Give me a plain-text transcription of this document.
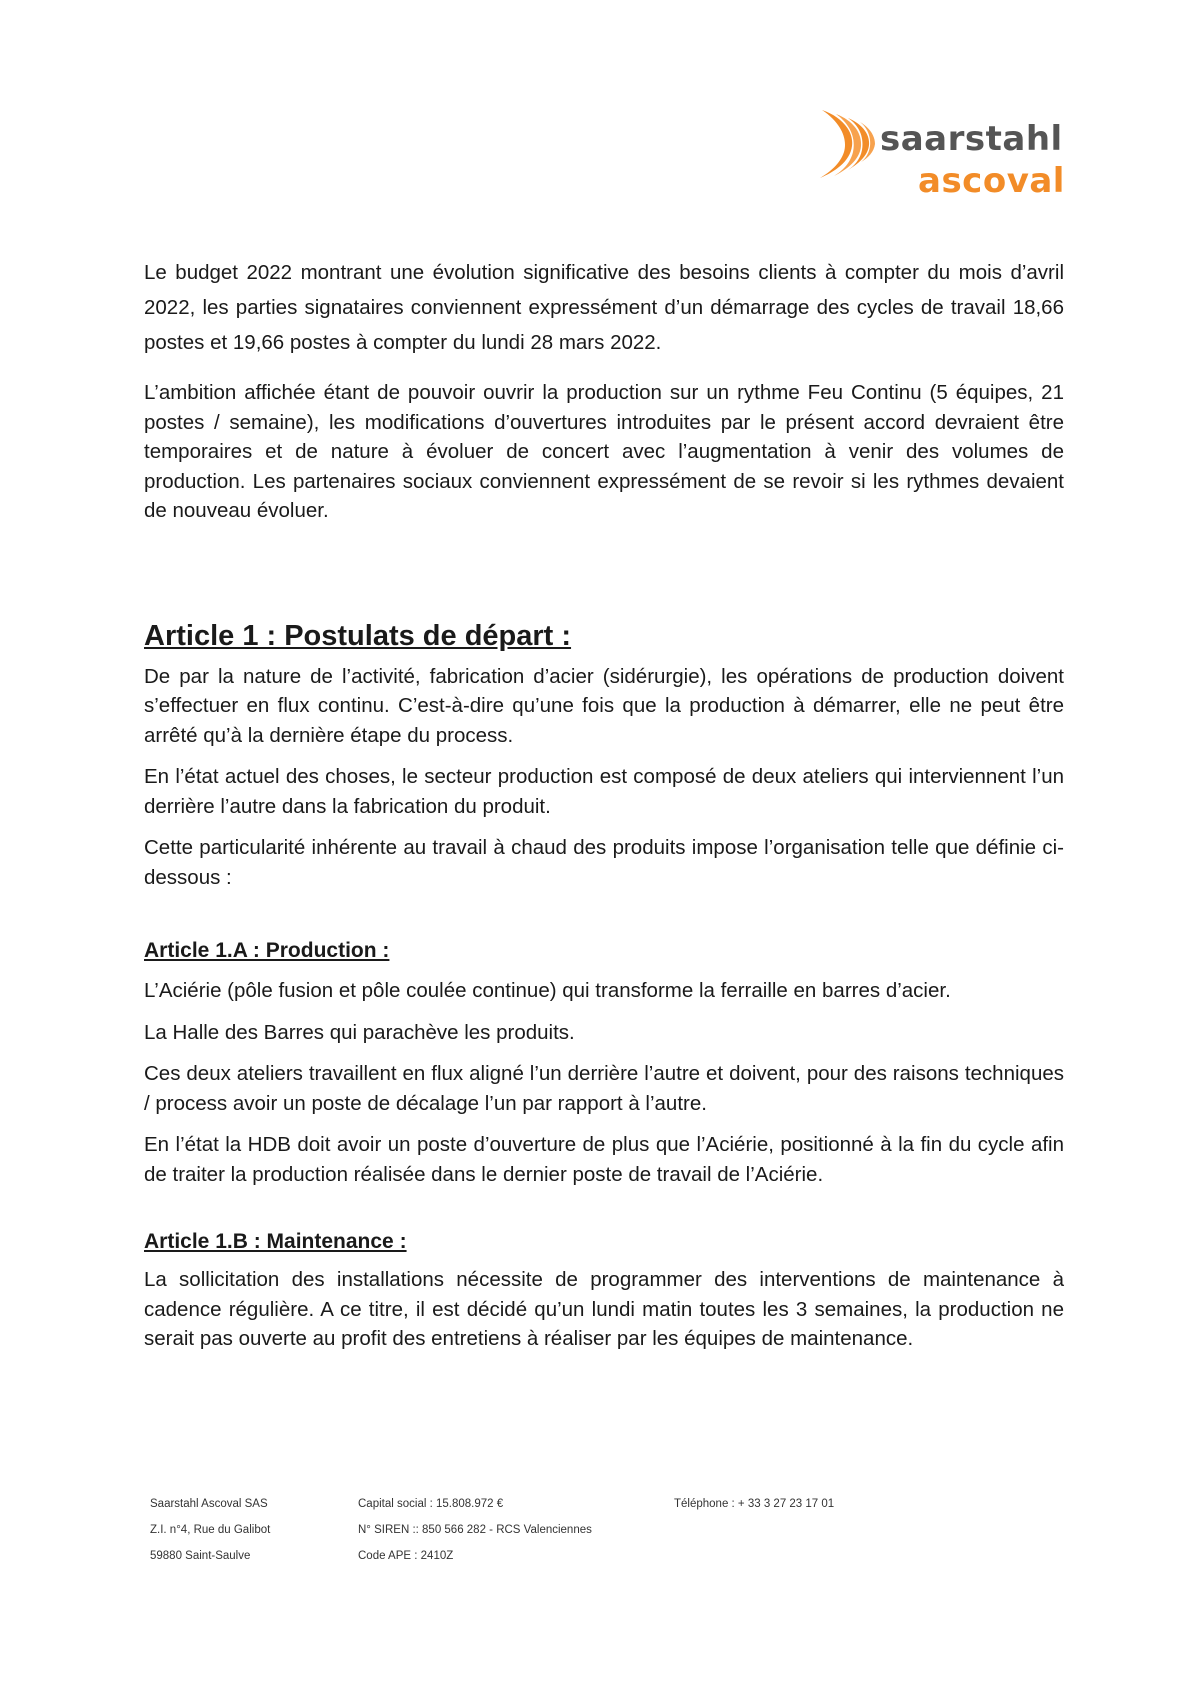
saarstahl
ascoval

Le budget 2022 montrant une évolution significative des besoins clients à compter du mois d’avril 2022, les parties signataires conviennent expressément d’un démarrage des cycles de travail 18,66 postes et 19,66 postes à compter du lundi 28 mars 2022.

L’ambition affichée étant de pouvoir ouvrir la production sur un rythme Feu Continu (5 équipes, 21 postes / semaine), les modifications d’ouvertures introduites par le présent accord devraient être temporaires et de nature à évoluer de concert avec l’augmentation à venir des volumes de production. Les partenaires sociaux conviennent expressément de se revoir si les rythmes devaient de nouveau évoluer.

Article 1 : Postulats de départ :

De par la nature de l’activité, fabrication d’acier (sidérurgie), les opérations de production doivent s’effectuer en flux continu. C’est-à-dire qu’une fois que la production à démarrer, elle ne peut être arrêté qu’à la dernière étape du process.

En l’état actuel des choses, le secteur production est composé de deux ateliers qui interviennent l’un derrière l’autre dans la fabrication du produit.

Cette particularité inhérente au travail à chaud des produits impose l’organisation telle que définie ci-dessous :

Article 1.A : Production :

L’Aciérie (pôle fusion et pôle coulée continue) qui transforme la ferraille en barres d’acier.

La Halle des Barres qui parachève les produits.

Ces deux ateliers travaillent en flux aligné l’un derrière l’autre et doivent, pour des raisons techniques / process avoir un poste de décalage l’un par rapport à l’autre.

En l’état la HDB doit avoir un poste d’ouverture de plus que l’Aciérie, positionné à la fin du cycle afin de traiter la production réalisée dans le dernier poste de travail de l’Aciérie.

Article 1.B : Maintenance :

La sollicitation des installations nécessite de programmer des interventions de maintenance à cadence régulière. A ce titre, il est décidé qu’un lundi matin toutes les 3 semaines, la production ne serait pas ouverte au profit des entretiens à réaliser par les équipes de maintenance.

Saarstahl Ascoval SAS
Z.I. n°4, Rue du Galibot
59880 Saint-Saulve
Capital social : 15.808.972 €
N° SIREN :: 850 566 282 - RCS Valenciennes
Code APE : 2410Z
Téléphone : + 33 3 27 23 17 01
